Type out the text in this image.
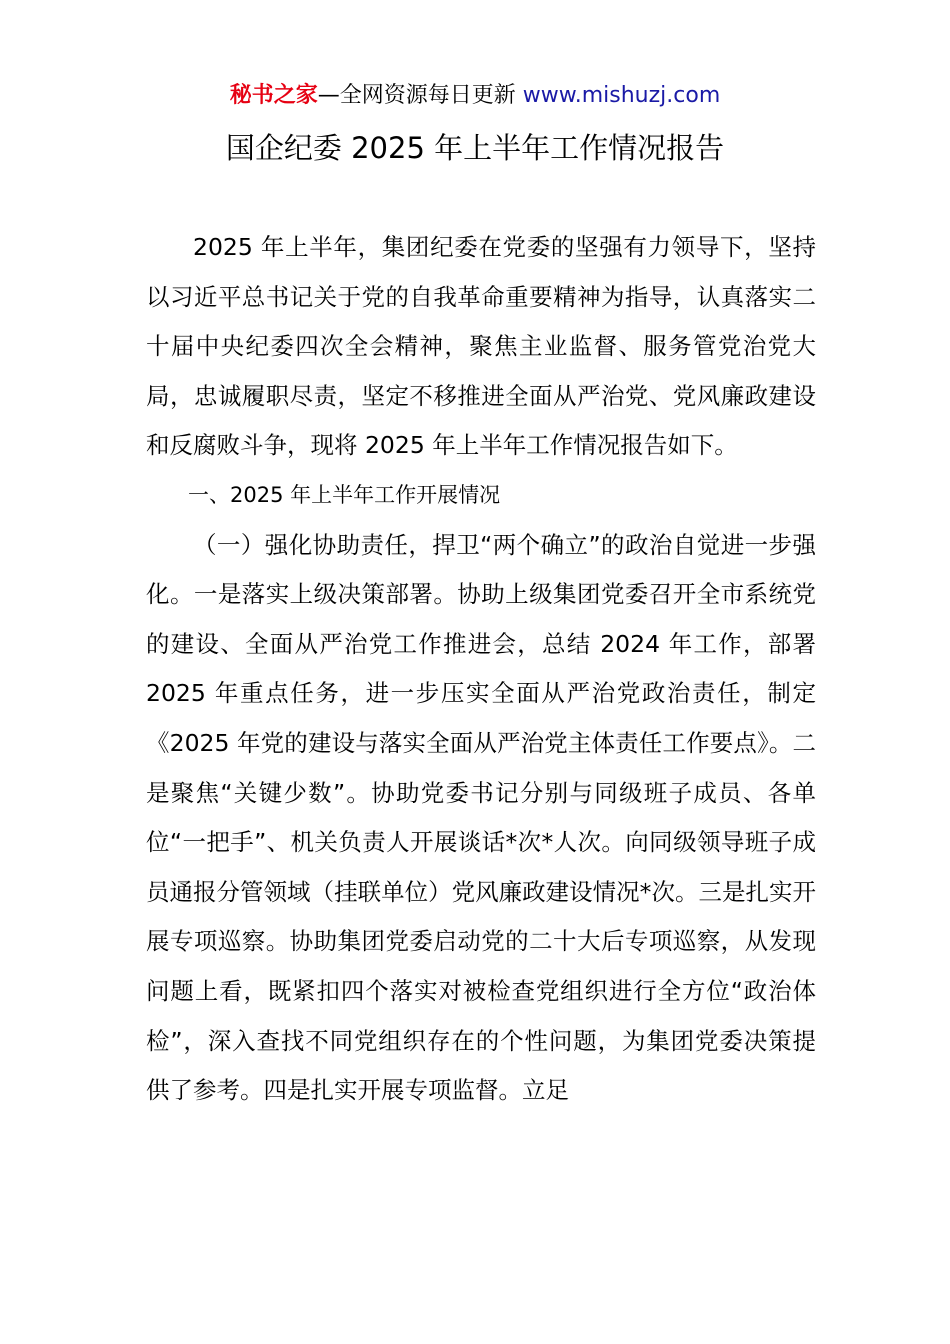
秘书之家—全网资源每日更新 www.mishuzj.com
国企纪委 2025 年上半年工作情况报告

2025 年上半年，集团纪委在党委的坚强有力领导下，坚持以习近平总书记关于党的自我革命重要精神为指导，认真落实二十届中央纪委四次全会精神，聚焦主业监督、服务管党治党大局，忠诚履职尽责，坚定不移推进全面从严治党、党风廉政建设和反腐败斗争，现将 2025 年上半年工作情况报告如下。

一、2025 年上半年工作开展情况

（一）强化协助责任，捍卫“两个确立”的政治自觉进一步强化。一是落实上级决策部署。协助上级集团党委召开全市系统党的建设、全面从严治党工作推进会，总结 2024 年工作，部署 2025 年重点任务，进一步压实全面从严治党政治责任，制定《2025 年党的建设与落实全面从严治党主体责任工作要点》。二是聚焦“关键少数”。协助党委书记分别与同级班子成员、各单位“一把手”、机关负责人开展谈话*次*人次。向同级领导班子成员通报分管领域（挂联单位）党风廉政建设情况*次。三是扎实开展专项巡察。协助集团党委启动党的二十大后专项巡察，从发现问题上看，既紧扣四个落实对被检查党组织进行全方位“政治体检”，深入查找不同党组织存在的个性问题，为集团党委决策提供了参考。四是扎实开展专项监督。立足
